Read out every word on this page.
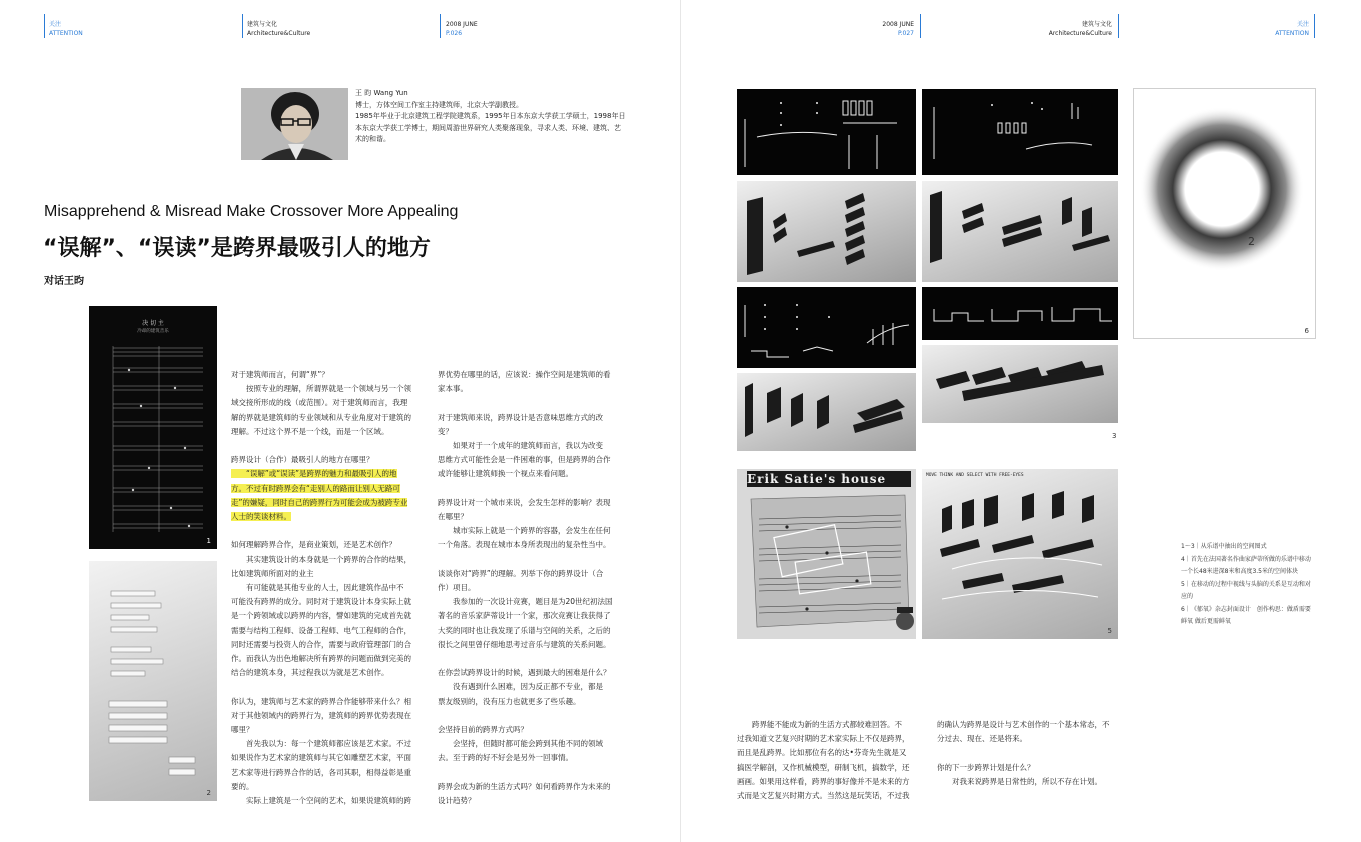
关注
ATTENTION
建筑与文化
Architecture&Culture
2008 JUNE
P.026
王 昀 Wang Yun
博士，方体空间工作室主持建筑师，北京大学副教授。
1985年毕业于北京建筑工程学院建筑系，1995年日本东京大学获工学硕士，1998年日
本东京大学获工学博士，期间周游世界研究人类聚落现象，寻求人类、环境、建筑、艺
术的和谐。
Misapprehend & Misread Make Crossover More Appealing
“误解”、“误读”是跨界最吸引人的地方
对话王昀
决 切 主
冷却的建筑音乐
1
2
对于建筑师而言，何谓“界”？
　　按照专业的理解，所谓界就是一个领域与另一个领
域交接所形成的线（或范围）。对于建筑师而言，我理
解的界就是建筑师的专业领域和从专业角度对于建筑的
理解。不过这个界不是一个线，而是一个区域。
跨界设计（合作）最吸引人的地方在哪里？
　　“误解”或“误读”是跨界的魅力和最吸引人的地
方。不过有时跨界会有“走别人的路而让别人无路可
走”的嫌疑，同时自己的跨界行为可能会成为被跨专业
人士的笑谈材料。
如何理解跨界合作，是商业策划，还是艺术创作？
　　其实建筑设计的本身就是一个跨界的合作的结果，
比如建筑师所面对的业主
　　有可能就是其他专业的人士，因此建筑作品中不
可能没有跨界的成分。同时对于建筑设计本身实际上就
是一个跨领域或以跨界的内容，譬如建筑的完成首先就
需要与结构工程师、设备工程师、电气工程师的合作，
同时还需要与投资人的合作，需要与政府管理部门的合
作。而我认为出色地解决所有跨界的问题而做到完美的
结合的建筑本身，其过程我以为就是艺术创作。
你认为，建筑师与艺术家的跨界合作能够带来什么？相
对于其他领域内的跨界行为，建筑师的跨界优势表现在
哪里？
　　首先我以为：每一个建筑师都应该是艺术家。不过
如果说作为艺术家的建筑师与其它如雕塑艺术家，平面
艺术家等进行跨界合作的话，各司其职，相得益彰是重
要的。
　　实际上建筑是一个空间的艺术，如果说建筑师的跨
界优势在哪里的话，应该说：操作空间是建筑师的看
家本事。
对于建筑师来说，跨界设计是否意味思维方式的改
变？
　　如果对于一个成年的建筑师而言，我以为改变
思维方式可能性会是一件困难的事，但是跨界的合作
或许能够让建筑师换一个视点来看问题。
跨界设计对一个城市来说，会发生怎样的影响？表现
在哪里？
　　城市实际上就是一个跨界的容器，会发生在任何
一个角落。表现在城市本身所表现出的复杂性当中。
谈谈你对“跨界”的理解。列举下你的跨界设计（合
作）项目。
　　我参加的一次设计竞赛，题目是为20世纪初法国
著名的音乐家萨蒂设计一个家，那次竞赛让我获得了
大奖的同时也让我发现了乐谱与空间的关系，之后的
很长之间里曾仔细地思考过音乐与建筑的关系问题。
在你尝试跨界设计的时候，遇到最大的困难是什么？
　　没有遇到什么困难，因为反正都不专业，都是
票友级别的，没有压力也就更多了些乐趣。
会坚持目前的跨界方式吗？
　　会坚持，但随时都可能会跨到其他不同的领域
去。至于跨的好不好会是另外一回事情。
跨界会成为新的生活方式吗？如何看跨界作为未来的
设计趋势？
2008 JUNE
P.027
建筑与文化
Architecture&Culture
关注
ATTENTION
3
2
6
Erik Satie's house	MOVE THINK AND SELECT WITH FREE-EYES
5
1～3｜从乐谱中抽出的空间图式
4｜首先在法国著名作曲家萨蒂所做的乐谱中移动
一个长48米进深8米和高度3.5米的空间体块
5｜在移动的过程中视线与头脑的关系是互动和对
应的
6｜《郁氧》杂志封面设计　创作构思：做盾需要
鲜氧 做后更需鲜氧
　　跨界能不能成为新的生活方式都较难回答。不
过我知道文艺复兴时期的艺术家实际上不仅是跨界，
而且是乱跨界。比如那位有名的达•芬奇先生就是又
搞医学解剖，又作机械模型，研制飞机，搞数学，还
画画。如果用这样看，跨界的事好像并不是未来的方
式而是文艺复兴时期方式。当然这是玩笑话，不过我
的确认为跨界是设计与艺术创作的一个基本常态，不
分过去、现在、还是将来。
你的下一步跨界计划是什么？
　　对我来说跨界是日常性的，所以不存在计划。
